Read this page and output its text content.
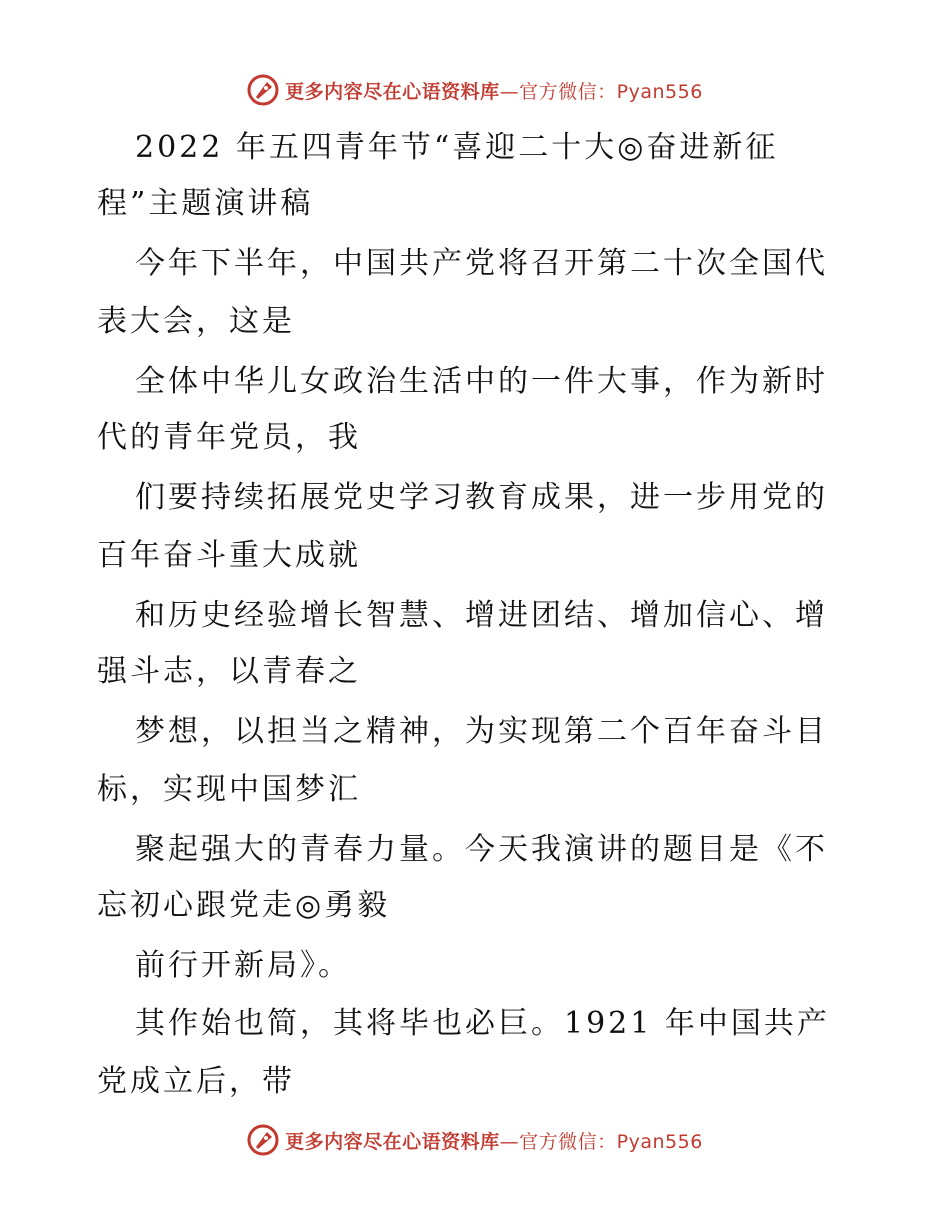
更多内容尽在心语资料库—官方微信：Pyan556
2022 年五四青年节“喜迎二十大◎奋进新征
程”主题演讲稿
今年下半年，中国共产党将召开第二十次全国代
表大会，这是
全体中华儿女政治生活中的一件大事，作为新时
代的青年党员，我
们要持续拓展党史学习教育成果，进一步用党的
百年奋斗重大成就
和历史经验增长智慧、增进团结、增加信心、增
强斗志，以青春之
梦想，以担当之精神，为实现第二个百年奋斗目
标，实现中国梦汇
聚起强大的青春力量。今天我演讲的题目是《不
忘初心跟党走◎勇毅
前行开新局》。
其作始也简，其将毕也必巨。1921 年中国共产
党成立后，带
更多内容尽在心语资料库—官方微信：Pyan556
